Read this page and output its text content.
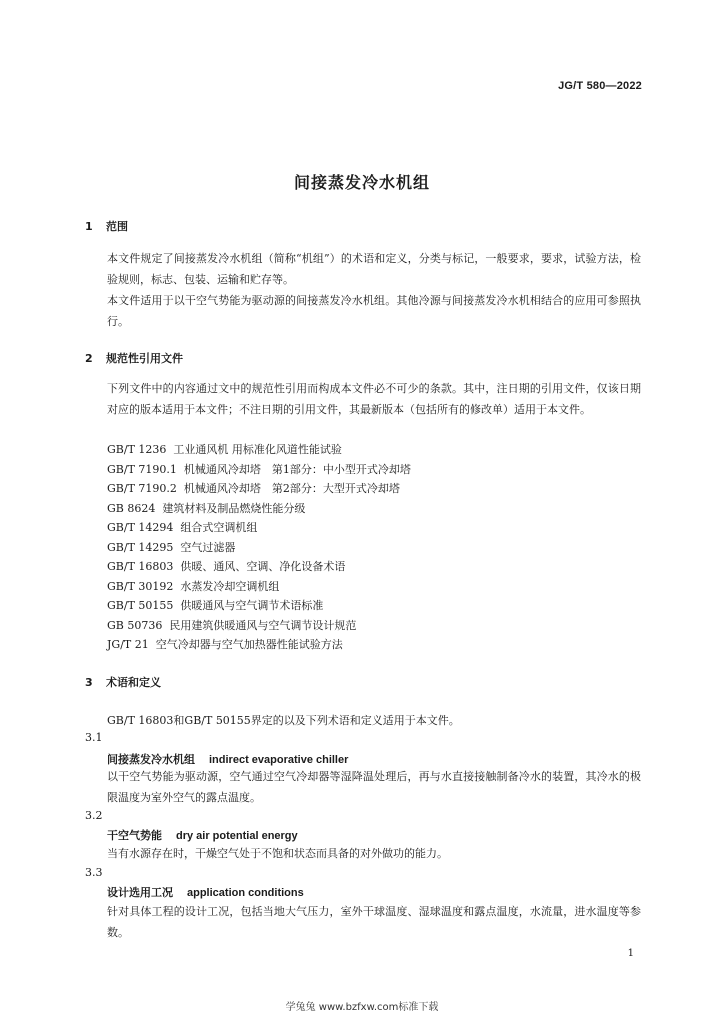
JG/T 580—2022
间接蒸发冷水机组
1 范围

本文件规定了间接蒸发冷水机组（简称“机组”）的术语和定义，分类与标记，一般要求，要求，试验方法，检验规则，标志、包装、运输和贮存等。

本文件适用于以干空气势能为驱动源的间接蒸发冷水机组。其他冷源与间接蒸发冷水机相结合的应用可参照执行。

2 规范性引用文件

下列文件中的内容通过文中的规范性引用而构成本文件必不可少的条款。其中，注日期的引用文件，仅该日期对应的版本适用于本文件；不注日期的引用文件，其最新版本（包括所有的修改单）适用于本文件。

GB/T 1236 工业通风机 用标准化风道性能试验
GB/T 7190.1 机械通风冷却塔　第1部分：中小型开式冷却塔
GB/T 7190.2 机械通风冷却塔　第2部分：大型开式冷却塔
GB 8624 建筑材料及制品燃烧性能分级
GB/T 14294 组合式空调机组
GB/T 14295 空气过滤器
GB/T 16803 供暖、通风、空调、净化设备术语
GB/T 30192 水蒸发冷却空调机组
GB/T 50155 供暖通风与空气调节术语标准
GB 50736 民用建筑供暖通风与空气调节设计规范
JG/T 21 空气冷却器与空气加热器性能试验方法
3 术语和定义

GB/T 16803和GB/T 50155界定的以及下列术语和定义适用于本文件。

3.1

间接蒸发冷水机组 indirect evaporative chiller

以干空气势能为驱动源，空气通过空气冷却器等湿降温处理后，再与水直接接触制备冷水的装置，其冷水的极限温度为室外空气的露点温度。

3.2

干空气势能 dry air potential energy

当有水源存在时，干燥空气处于不饱和状态而具备的对外做功的能力。

3.3

设计选用工况 application conditions

针对具体工程的设计工况，包括当地大气压力，室外干球温度、湿球温度和露点温度，水流量，进水温度等参数。

1
学兔兔 www.bzfxw.com标准下载
